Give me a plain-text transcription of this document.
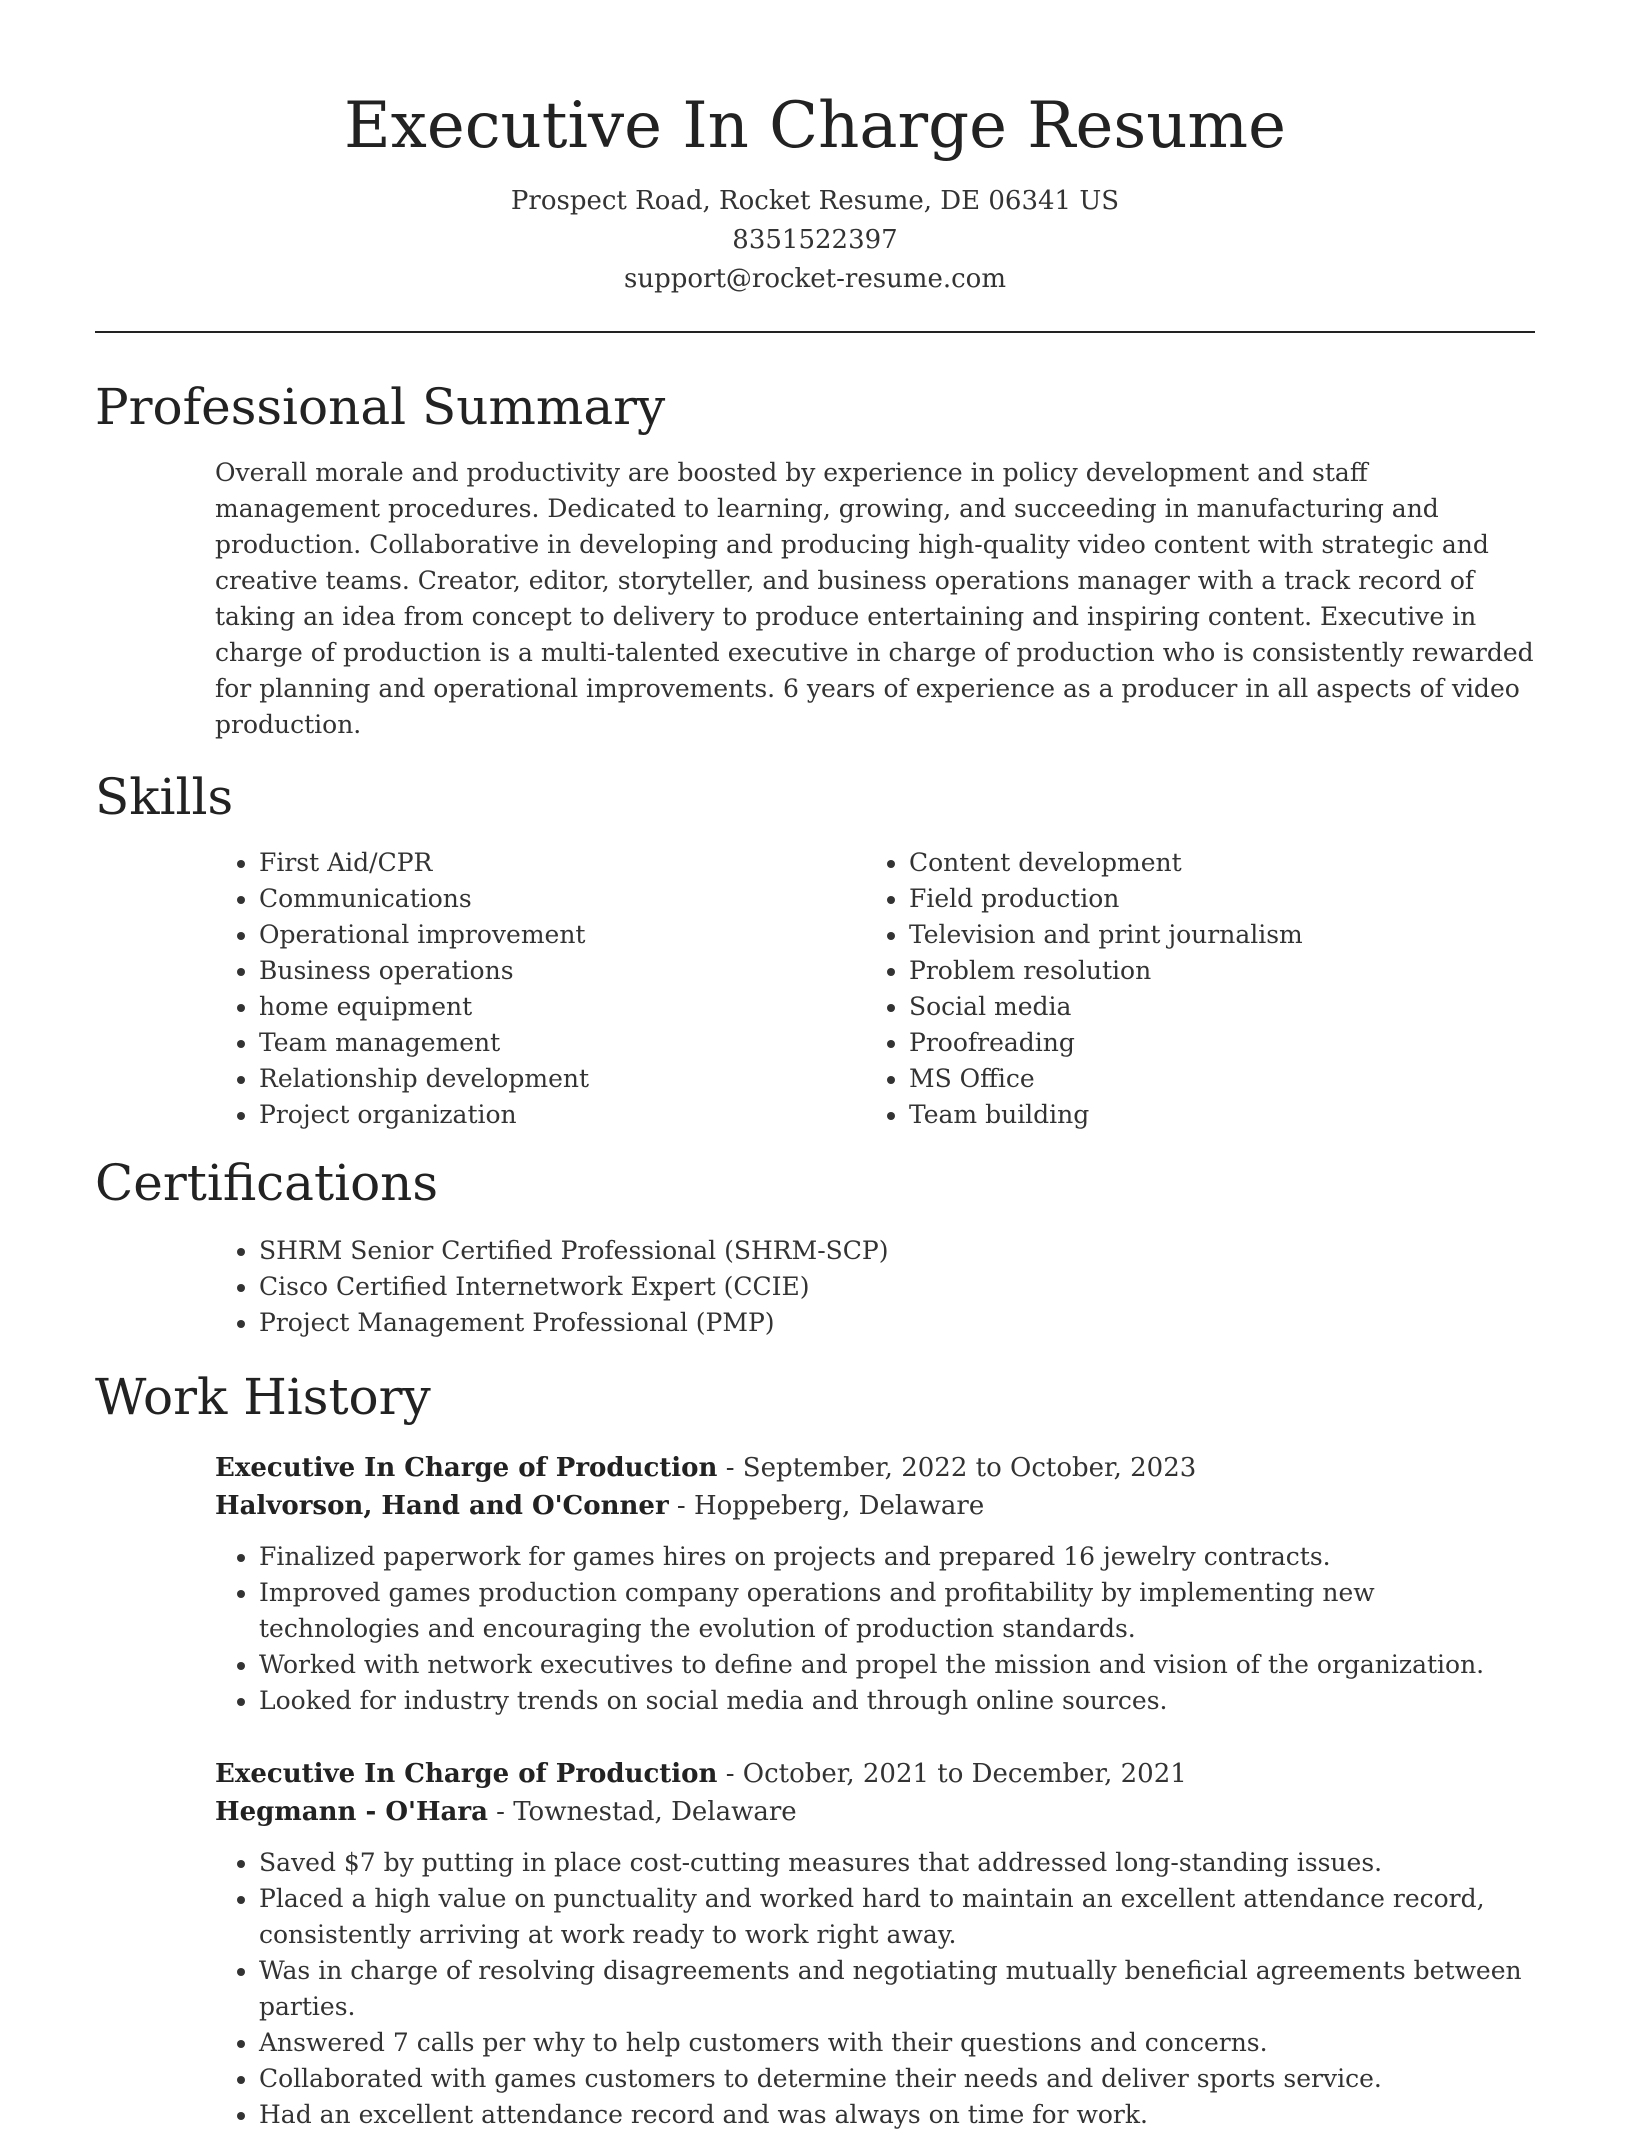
Executive In Charge Resume
Prospect Road, Rocket Resume, DE 06341 US
8351522397
support@rocket-resume.com
Professional Summary

Overall morale and productivity are boosted by experience in policy development and staff management procedures. Dedicated to learning, growing, and succeeding in manufacturing and production. Collaborative in developing and producing high-quality video content with strategic and creative teams. Creator, editor, storyteller, and business operations manager with a track record of taking an idea from concept to delivery to produce entertaining and inspiring content. Executive in charge of production is a multi-talented executive in charge of production who is consistently rewarded for planning and operational improvements. 6 years of experience as a producer in all aspects of video production.

Skills
• First Aid/CPR
• Communications
• Operational improvement
• Business operations
• home equipment
• Team management
• Relationship development
• Project organization
• Content development
• Field production
• Television and print journalism
• Problem resolution
• Social media
• Proofreading
• MS Office
• Team building
Certifications
• SHRM Senior Certified Professional (SHRM-SCP)
• Cisco Certified Internetwork Expert (CCIE)
• Project Management Professional (PMP)
Work History
Executive In Charge of Production - September, 2022 to October, 2023
Halvorson, Hand and O'Conner - Hoppeberg, Delaware
• Finalized paperwork for games hires on projects and prepared 16 jewelry contracts.
• Improved games production company operations and profitability by implementing new technologies and encouraging the evolution of production standards.
• Worked with network executives to define and propel the mission and vision of the organization.
• Looked for industry trends on social media and through online sources.
Executive In Charge of Production - October, 2021 to December, 2021
Hegmann - O'Hara - Townestad, Delaware
• Saved $7 by putting in place cost-cutting measures that addressed long-standing issues.
• Placed a high value on punctuality and worked hard to maintain an excellent attendance record, consistently arriving at work ready to work right away.
• Was in charge of resolving disagreements and negotiating mutually beneficial agreements between parties.
• Answered 7 calls per why to help customers with their questions and concerns.
• Collaborated with games customers to determine their needs and deliver sports service.
• Had an excellent attendance record and was always on time for work.
